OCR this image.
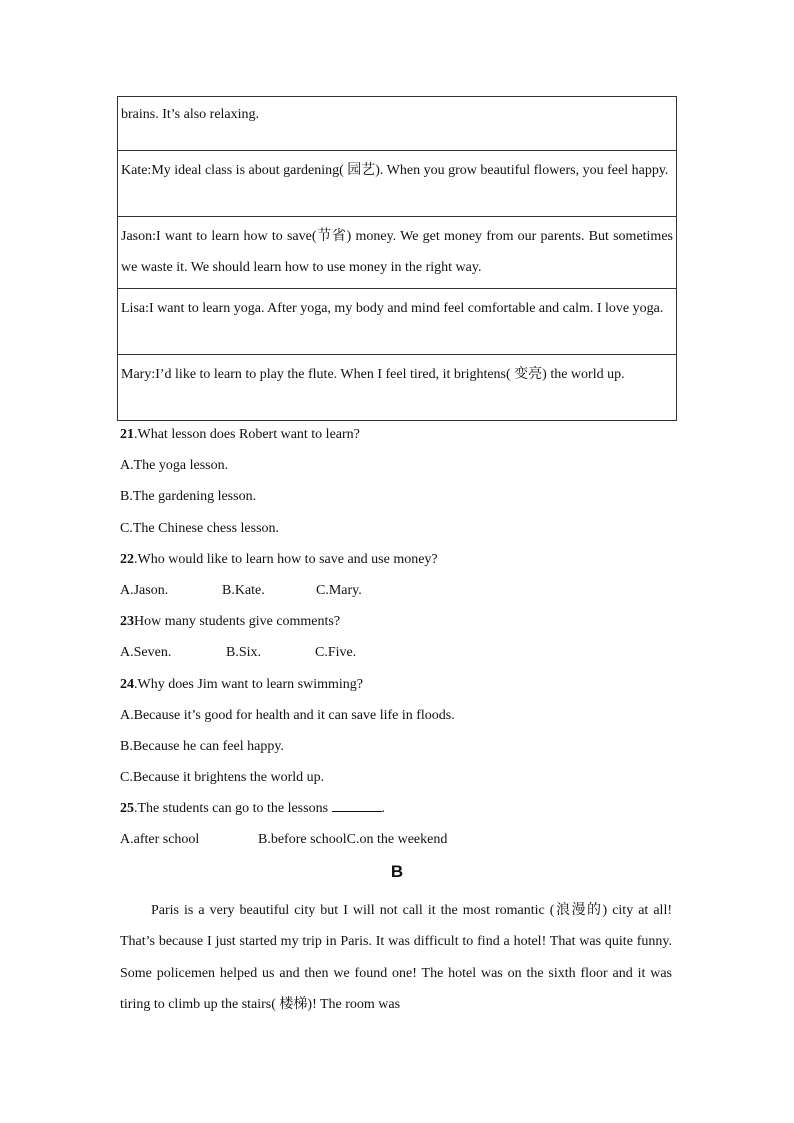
brains. It’s also relaxing.
Kate:My ideal class is about gardening( 园艺). When you grow beautiful flowers, you feel happy.
Jason:I want to learn how to save(节省) money. We get money from our parents. But sometimes we waste it. We should learn how to use money in the right way.
Lisa:I want to learn yoga. After yoga, my body and mind feel comfortable and calm. I love yoga.
Mary:I’d like to learn to play the flute. When I feel tired, it brightens( 变亮) the world up.
21.What lesson does Robert want to learn?
A.The yoga lesson.
B.The gardening lesson.
C.The Chinese chess lesson.
22.Who would like to learn how to save and use money?
A.Jason.	B.Kate.	C.Mary.
23How many students give comments?
A.Seven.	B.Six.	C.Five.
24.Why does Jim want to learn swimming?
A.Because it’s good for health and it can save life in floods.
B.Because he can feel happy.
C.Because it brightens the world up.
25.The students can go to the lessons	.
A.after school	B.before schoolC.on the weekend
B
Paris is a very beautiful city but I will not call it the most romantic (浪漫的) city at all! That’s because I just started my trip in Paris. It was difficult to find a hotel! That was quite funny. Some policemen helped us and then we found one! The hotel was on the sixth floor and it was tiring to climb up the stairs( 楼梯)! The room was
